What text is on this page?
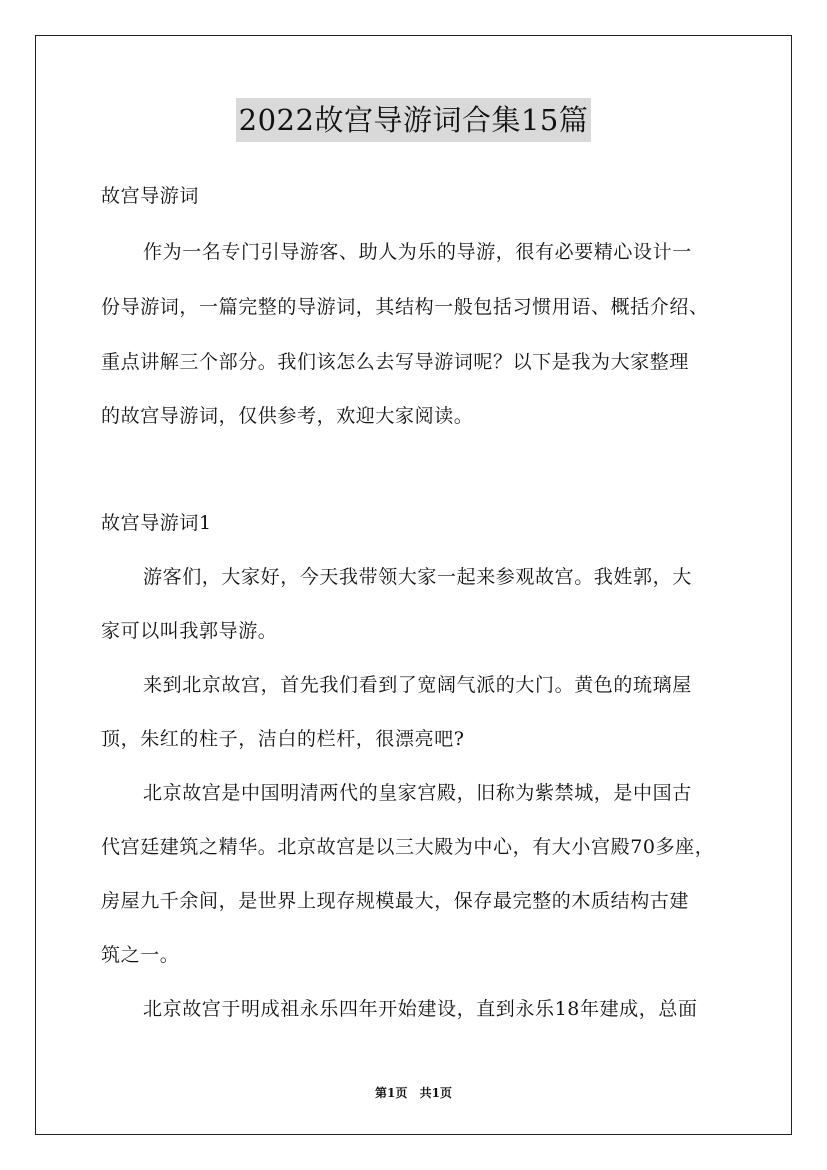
2022故宫导游词合集15篇
故宫导游词
作为一名专门引导游客、助人为乐的导游，很有必要精心设计一
份导游词，一篇完整的导游词，其结构一般包括习惯用语、概括介绍、
重点讲解三个部分。我们该怎么去写导游词呢？以下是我为大家整理
的故宫导游词，仅供参考，欢迎大家阅读。
故宫导游词1
游客们，大家好，今天我带领大家一起来参观故宫。我姓郭，大
家可以叫我郭导游。
来到北京故宫，首先我们看到了宽阔气派的大门。黄色的琉璃屋
顶，朱红的柱子，洁白的栏杆，很漂亮吧?
北京故宫是中国明清两代的皇家宫殿，旧称为紫禁城，是中国古
代宫廷建筑之精华。北京故宫是以三大殿为中心，有大小宫殿70多座，
房屋九千余间，是世界上现存规模最大，保存最完整的木质结构古建
筑之一。
北京故宫于明成祖永乐四年开始建设，直到永乐18年建成，总面
第1页 共1页
